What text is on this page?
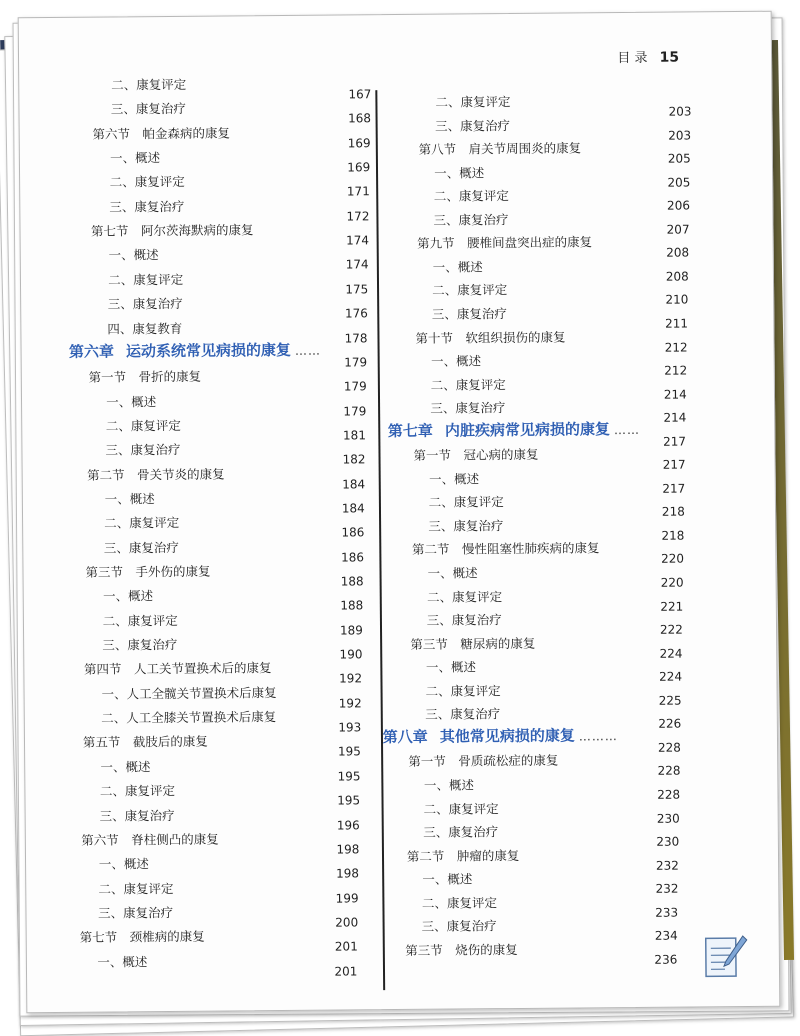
目 录 15
二、康复评定
三、康复治疗
第六节　帕金森病的康复
一、概述
二、康复评定
三、康复治疗
第七节　阿尔茨海默病的康复
一、概述
二、康复评定
三、康复治疗
四、康复教育
第六章 运动系统常见病损的康复 ……
第一节　骨折的康复
一、概述
二、康复评定
三、康复治疗
第二节　骨关节炎的康复
一、概述
二、康复评定
三、康复治疗
第三节　手外伤的康复
一、概述
二、康复评定
三、康复治疗
第四节　人工关节置换术后的康复
一、人工全髋关节置换术后康复
二、人工全膝关节置换术后康复
第五节　截肢后的康复
一、概述
二、康复评定
三、康复治疗
第六节　脊柱侧凸的康复
一、概述
二、康复评定
三、康复治疗
第七节　颈椎病的康复
一、概述
167
168
169
169
171
172
174
174
175
176
178
179
179
179
181
182
184
184
186
186
188
188
189
190
192
192
193
195
195
195
196
198
198
199
200
201
201
二、康复评定
三、康复治疗
第八节　肩关节周围炎的康复
一、概述
二、康复评定
三、康复治疗
第九节　腰椎间盘突出症的康复
一、概述
二、康复评定
三、康复治疗
第十节　软组织损伤的康复
一、概述
二、康复评定
三、康复治疗
第七章 内脏疾病常见病损的康复 ……
第一节　冠心病的康复
一、概述
二、康复评定
三、康复治疗
第二节　慢性阻塞性肺疾病的康复
一、概述
二、康复评定
三、康复治疗
第三节　糖尿病的康复
一、概述
二、康复评定
三、康复治疗
第八章 其他常见病损的康复 ………
第一节　骨质疏松症的康复
一、概述
二、康复评定
三、康复治疗
第二节　肿瘤的康复
一、概述
二、康复评定
三、康复治疗
第三节　烧伤的康复
203
203
205
205
206
207
208
208
210
211
212
212
214
214
217
217
217
218
218
220
220
221
222
224
224
225
226
228
228
228
230
230
232
232
233
234
236
